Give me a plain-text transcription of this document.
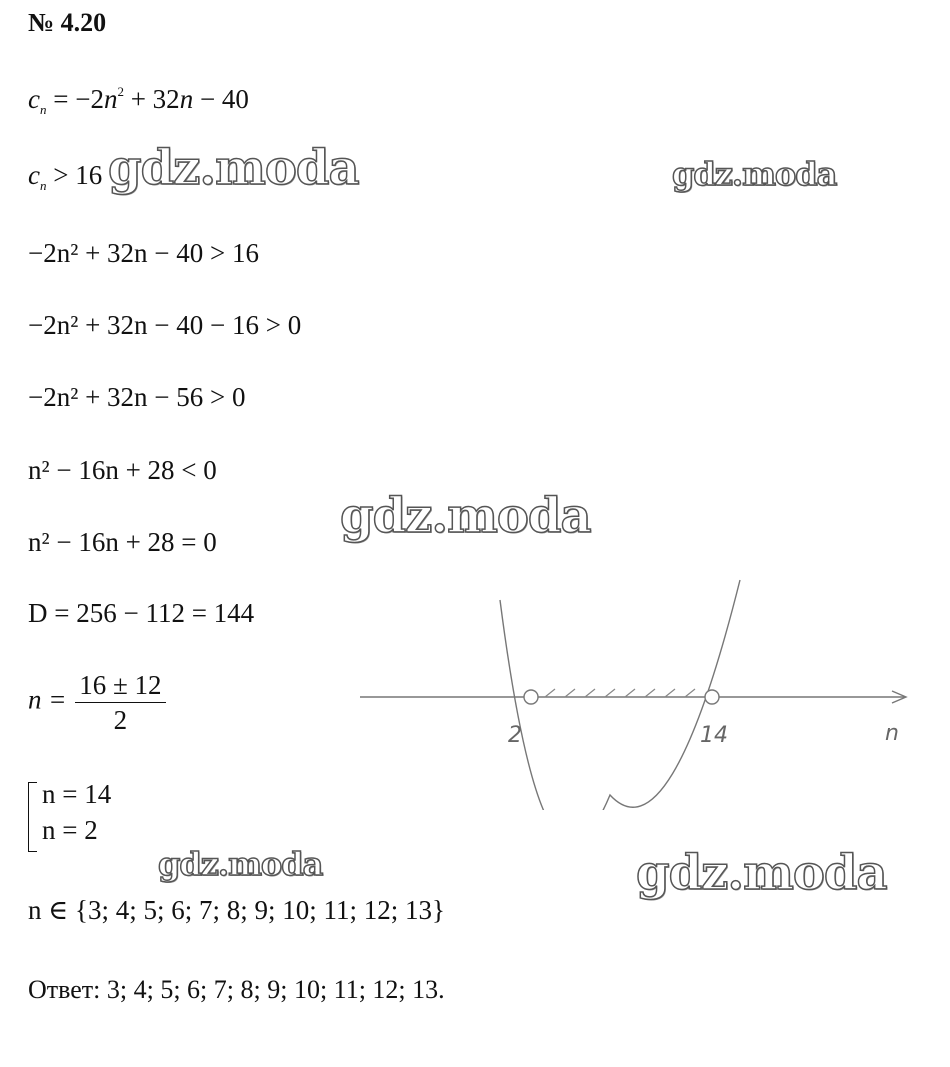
№ 4.20
$c_n = -2n^2 + 32n - 40$
$c_n > 16$
−2n² + 32n − 40 > 16
−2n² + 32n − 40 − 16 > 0
−2n² + 32n − 56 > 0
n² − 16n + 28 < 0
n² − 16n + 28 = 0
D = 256 − 112 = 144
$n = \frac{16 \pm 12}{2}$
n = 14
n = 2
n ∈ {3; 4; 5; 6; 7; 8; 9; 10; 11; 12; 13}
Ответ: 3; 4; 5; 6; 7; 8; 9; 10; 11; 12; 13.
2	14	n
gdz.moda	gdz.moda
gdz.moda
gdz.moda	gdz.moda
